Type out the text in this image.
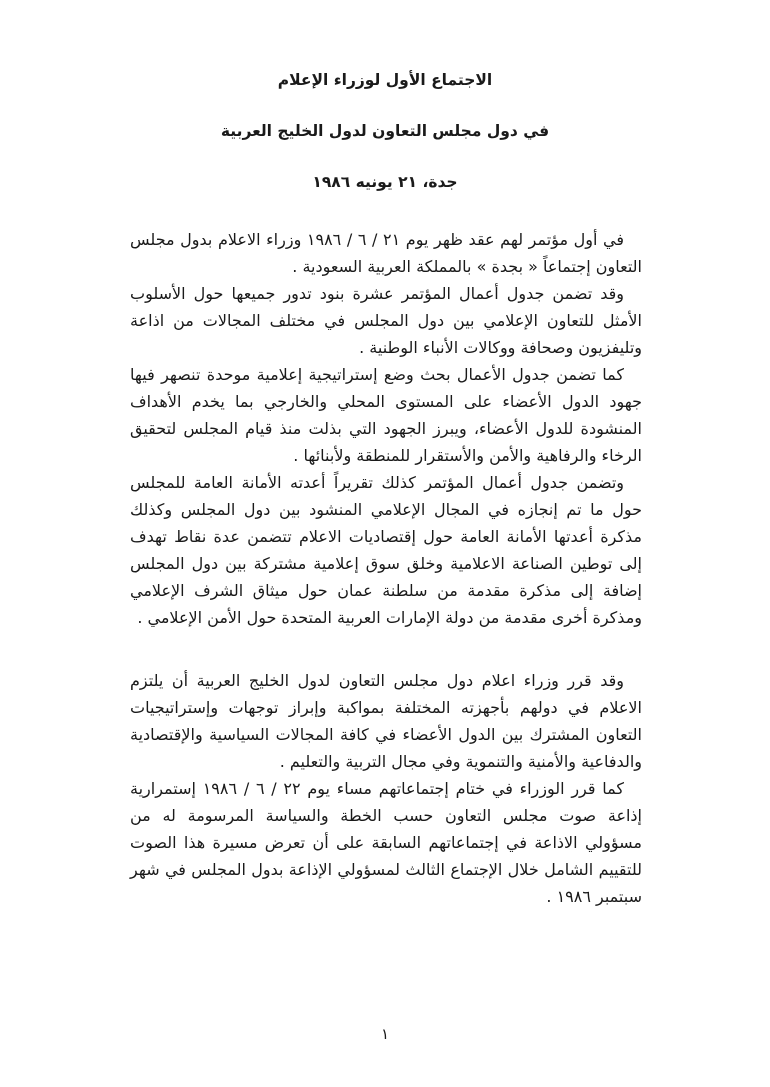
الاجتماع الأول لوزراء الإعلام
في دول مجلس التعاون لدول الخليج العربية
جدة، ٢١ يونيه ١٩٨٦

في أول مؤتمر لهم عقد ظهر يوم ٢١ / ٦ / ١٩٨٦ وزراء الاعلام بدول مجلس التعاون إجتماعاً « بجدة » بالمملكة العربية السعودية .

وقد تضمن جدول أعمال المؤتمر عشرة بنود تدور جميعها حول الأسلوب الأمثل للتعاون الإعلامي بين دول المجلس في مختلف المجالات من اذاعة وتليفزيون وصحافة ووكالات الأنباء الوطنية .

كما تضمن جدول الأعمال بحث وضع إستراتيجية إعلامية موحدة تنصهر فيها جهود الدول الأعضاء على المستوى المحلي والخارجي بما يخدم الأهداف المنشودة للدول الأعضاء، ويبرز الجهود التي بذلت منذ قيام المجلس لتحقيق الرخاء والرفاهية والأمن والأستقرار للمنطقة ولأبنائها .

وتضمن جدول أعمال المؤتمر كذلك تقريراً أعدته الأمانة العامة للمجلس حول ما تم إنجازه في المجال الإعلامي المنشود بين دول المجلس وكذلك مذكرة أعدتها الأمانة العامة حول إقتصاديات الاعلام تتضمن عدة نقاط تهدف إلى توطين الصناعة الاعلامية وخلق سوق إعلامية مشتركة بين دول المجلس إضافة إلى مذكرة مقدمة من سلطنة عمان حول ميثاق الشرف الإعلامي ومذكرة أخرى مقدمة من دولة الإمارات العربية المتحدة حول الأمن الإعلامي .

وقد قرر وزراء اعلام دول مجلس التعاون لدول الخليج العربية أن يلتزم الاعلام في دولهم بأجهزته المختلفة بمواكبة وإبراز توجهات وإستراتيجيات التعاون المشترك بين الدول الأعضاء في كافة المجالات السياسية والإقتصادية والدفاعية والأمنية والتنموية وفي مجال التربية والتعليم .

كما قرر الوزراء في ختام إجتماعاتهم مساء يوم ٢٢ / ٦ / ١٩٨٦ إستمرارية إذاعة صوت مجلس التعاون حسب الخطة والسياسة المرسومة له من مسؤولي الاذاعة في إجتماعاتهم السابقة على أن تعرض مسيرة هذا الصوت للتقييم الشامل خلال الإجتماع الثالث لمسؤولي الإذاعة بدول المجلس في شهر سبتمبر ١٩٨٦ .

١
